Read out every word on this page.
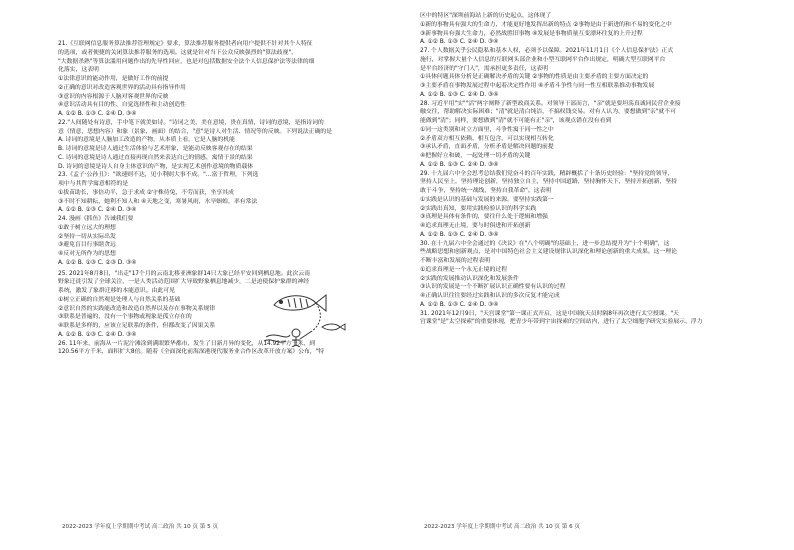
21.《互联网信息服务算法推荐管理规定》要求，算法推荐服务提供者向用户提供不针对其个人特征
的选项，或者便捷的关闭算法推荐服务的选项。这就是针对当下公众反映强烈的"算法歧视"、
"大数据杀熟"等算法滥用问题作出的先导性回应，也是对包括数据安全法个人信息保护法等法律的细
化落实，这表明
①法律意识的能动作用，是做好工作的前提
②正确的意识对改造客观世界的活动具有指导作用
③意识的内容根源于人脑对客观世界的反映
④意识活动具有目的性、自觉选择性和主动创造性
A. ①② B. ①③ C. ②④ D. ③④
22."人间随处有诗意，手中笔下就美如诗。"诗词之美，美在意境，贵在真情，诗词的意境，是指诗词的
意（情意，思想内容）和象（景象，画面）的结合，"意"是诗人对生活、情况等的反映。下列说法正确的是
A. 诗词的意境是人脑加工改造的产物，从本质上看，它是人脑的机能
B. 诗词的意境是诗人通过生活体验与艺术形象，是能动反映客观存在的结果
C. 诗词的意境是诗人通过直接再现自然来表达自己的情感，寓情于景的结果
D. 诗词的意境是诗人自身主体意识的产物，是实现艺术创作意境的物质载体
23.《孟子·公孙丑》："欲速则不达，见小利则大事不成。"…富于哲理，下列选
项中与其哲学寓意相符的是
①拔苗助长，事倍功半，急于求成 ②守株待兔，不劳而获，坐享其成
③不时不知耕耘，她利不知人和 ④天地之变，寒暑风雨，水旱螟蝗，率有常法
A. ①② B. ①③ C. ②④ D. ③④
24. 漫画《抓鱼》告诫我们要
①敢于树立远大的理想
②坚持一切从实际出发
③避免盲目行事瞎贪远
④反对无所作为的思想
A. ①② B. ①③ C. ②③ D. ③④
25. 2021年8月8日，"出走"17个月的云南北移亚洲象群14只大象已经平安回到栖息地。此次云南
野象迁徙引发了全球关注，一是人类活动范围扩大导致野象栖息地减少，二是迫使保护象群的神经
系统，激发了象群迁移的本能意识。由此可见
①树立正确的自然观是处理人与自然关系的基础
②意识自然的实践能改造和改造自然界以及存在事物关系规律
③联系是普遍的，没有一个事物或现象是孤立存在的
④联系是多样的，应该立足联系的条件，但都改变了因果关系
A. ①② B. ①③ C. ②④ D. ③④
26. 11年来，前海从一片泥泞滩涂到满眼繁华都市，发生了日新月异的变化，从14.92平方千米，到
120.56平方千米，面积扩大8倍。随着《全面深化前海深港现代服务业合作区改革开放方案》公布，"特
区中的特区"深圳前海站上新的历史起点，这体现了
①新的事物具有强大的生命力，才能更好地发挥出新的特点 ②事物是由于新进的和不易的变化之中
③新事物具有强大生命力，必然战胜旧事物 ④发展是事物质量互变漂环往复的上升过程
A. ①② B. ①③ C. ②④ D. ③④
27. 个人数据关乎公民隐私和基本人权，必须予以保障。2021年11月1日《个人信息保护法》正式
施行，对掌握大量个人信息的互联网头部企业和小型互联网平台作出规定，明确大型互联网平台
是平台经济的"守门人"，需承担更多责任，这表明
①具体问题具体分析是正确解决矛盾的关键 ②事物的性质是由主要矛盾的主要方面决定的
③主要矛盾在事物发展过程中起着决定性作用 ④矛盾斗争性与同一性互相联系推动事物发展
A. ①② B. ①③ C. ②④ D. ③④
28. 习近平用"实""活"两字阐释了新型政商关系。对领导干部而言，"亲"就是要坦荡真诚同民营企业接
触交往，帮助解决实际困难；"清"就是清白纯洁，不搞权钱交易。对有人认为，要想做到"亲"就不可
能做到"清"；同样，要想做到"清"就不可能有正"亲"，该观点错在没有看到
①同一这类别和对立方面里，斗争性寓于同一性之中
②矛盾双方相互依赖、相互包含，可以实现相互转化
③承认矛盾，直面矛盾，分析矛盾是解决问题的前提
④把握好立和破，一起处理一切矛盾的关键
A. ①② B. ①③ C. ②④ D. ③④
29. 十九届六中全会思考总结我们党奋斗的百年实践，精辟概括了十条历史经验："坚持党的领导，
坚持人民至上，坚持理论创新，坚持独立自主，坚持中国道路，坚持胸怀天下，坚持开拓创新，坚持
敢于斗争，坚持统一战线，坚持自我革命"。这表明
①实践是认识的基础与发展的来源，要坚持实践第一
②实践出真知，要用实践检验认识的科学实践
③真理是具体有条件的，要往什么处于逻辑和增强
④追求真理无止境，要与时俱进和开拓创新
A. ①② B. ①③ C. ②④ D. ③④
30. 在十九届六中全会通过的《决议》在"八个明确"的基础上，进一步总结提升为"十个明确"，这
些战略思想和创新观点，是对中国特色社会主义建设规律认识深化和理论创新的重大成果。这一理论
不断丰富和发展的过程表明
①追求真理是一个永无止境的过程
②实践的发展推动认识深化和发展条件
③认识的发展是一个不断扩展认识正确性要有认识的过程
④正确认识往往要经过实践和认识的多次反复才能完成
A. ①② B. ①③ C. ②④ D. ③④
31. 2021年12月9日，"天宫课堂"第一课正式开启，这是中国航天员时隔8年再次进行太空授课。"天
宫课堂"是"太空探索"的重要体现，把青少年带到宇宙探索的空间站内，进行了太空细胞学研究实验展示、浮力
2022-2023 学年度上学期期中考试 高二政治 共 10 页 第 5 页	2022-2023 学年度上学期期中考试 高二政治 共 10 页 第 6 页
